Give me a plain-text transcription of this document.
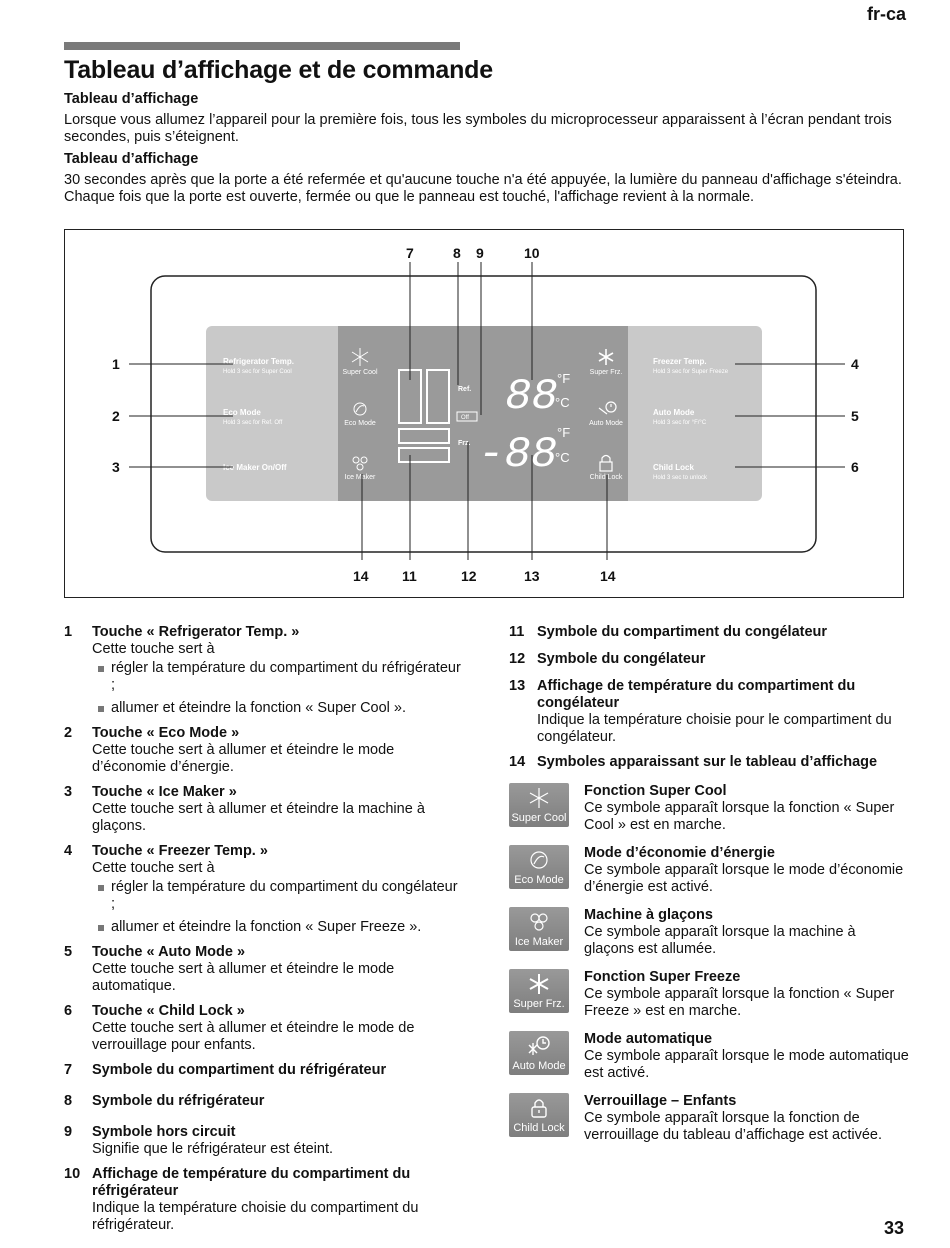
fr-ca
Tableau d’affichage et de commande

Tableau d’affichage

Lorsque vous allumez l’appareil pour la première fois, tous les symboles du microprocesseur apparaissent à l’écran pendant trois secondes, puis s’éteignent.

Tableau d’affichage

30 secondes après que la porte a été refermée et qu'aucune touche n'a été appuyée, la lumière du panneau d'affichage s'éteindra. Chaque fois que la porte est ouverte, fermée ou que le panneau est touché, l'affichage revient à la normale.

Refrigerator Temp.
Hold 3 sec for Super Cool
Eco Mode
Hold 3 sec for Ref. Off
Ice Maker On/Off
Freezer Temp.
Hold 3 sec for Super Freeze
Auto Mode
Hold 3 sec for °F/°C
Child Lock
Hold 3 sec to unlock
Super Cool
Eco Mode
Ice Maker
Ref.
Off
Frz.
88 °F
°C
-88 °F
°C
Super Frz.
Auto Mode
Child Lock
1
2
3
4
5
6
7	8 9	10
14 11	12	13	14
1	Touche « Refrigerator Temp. »
Cette touche sert à
régler la température du compartiment du réfrigérateur ;
allumer et éteindre la fonction « Super Cool ».
2	Touche « Eco Mode »
Cette touche sert à allumer et éteindre le mode d’économie d’énergie.
3	Touche « Ice Maker »
Cette touche sert à allumer et éteindre la machine à glaçons.
4	Touche « Freezer Temp. »
Cette touche sert à
régler la température du compartiment du congélateur ;
allumer et éteindre la fonction « Super Freeze ».
5	Touche « Auto Mode »
Cette touche sert à allumer et éteindre le mode automatique.
6	Touche « Child Lock »
Cette touche sert à allumer et éteindre le mode de verrouillage pour enfants.
7	Symbole du compartiment du réfrigérateur
8	Symbole du réfrigérateur
9	Symbole hors circuit
Signifie que le réfrigérateur est éteint.
10 Affichage de température du compartiment du réfrigérateur
Indique la température choisie du compartiment du réfrigérateur.
11 Symbole du compartiment du congélateur
12 Symbole du congélateur
13 Affichage de température du compartiment du congélateur
Indique la température choisie pour le compartiment du congélateur.
14 Symboles apparaissant sur le tableau d’affichage
Super Cool
Fonction Super Cool
Ce symbole apparaît lorsque la fonction « Super Cool » est en marche.
Eco Mode
Mode d’économie d’énergie
Ce symbole apparaît lorsque le mode d’économie d’énergie est activé.
Ice Maker
Machine à glaçons
Ce symbole apparaît lorsque la machine à glaçons est allumée.
Super Frz.
Fonction Super Freeze
Ce symbole apparaît lorsque la fonction « Super Freeze » est en marche.
Auto Mode
Mode automatique
Ce symbole apparaît lorsque le mode automatique est activé.
Child Lock
Verrouillage – Enfants
Ce symbole apparaît lorsque la fonction de verrouillage du tableau d’affichage est activée.
33
